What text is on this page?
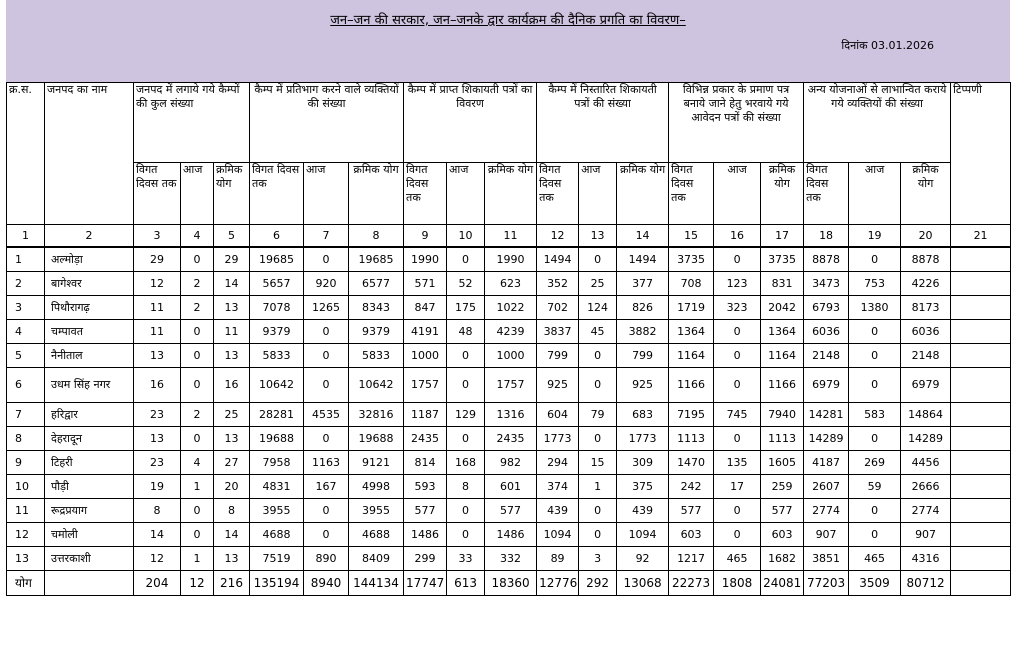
जन–जन की सरकार, जन–जनके द्वार कार्यक्रम की दैनिक प्रगति का विवरण–
दिनांक 03.01.2026
क्र.स.	जनपद का नाम	जनपद में लगाये गये कैम्पों की कुल संख्या			कैम्प में प्रतिभाग करने वाले व्यक्तियों की संख्या			कैम्प में प्राप्त शिकायती पत्रों का विवरण			कैम्प में निस्तारित शिकायती पत्रों की संख्या			विभिन्न प्रकार के प्रमाण पत्र बनाये जाने हेतु भरवाये गये आवेदन पत्रों की संख्या			अन्य योजनाओं से लाभान्वित कराये गये व्यक्तियों की संख्या			टिप्पणी
		विगत दिवस तक	आज	क्रमिक योग	विगत दिवस तक	आज	क्रमिक योग	विगत दिवस तक	आज	क्रमिक योग	विगत दिवस तक	आज	क्रमिक योग	विगत दिवस तक	आज	क्रमिक योग	विगत दिवस तक	आज	क्रमिक योग	
1	2	3	4	5	6	7	8	9	10	11	12	13	14	15	16	17	18	19	20	21
1	अल्मोड़ा	29	0	29	19685	0	19685	1990	0	1990	1494	0	1494	3735	0	3735	8878	0	8878	
2	बागेश्वर	12	2	14	5657	920	6577	571	52	623	352	25	377	708	123	831	3473	753	4226	
3	पिथौरागढ़	11	2	13	7078	1265	8343	847	175	1022	702	124	826	1719	323	2042	6793	1380	8173	
4	चम्पावत	11	0	11	9379	0	9379	4191	48	4239	3837	45	3882	1364	0	1364	6036	0	6036	
5	नैनीताल	13	0	13	5833	0	5833	1000	0	1000	799	0	799	1164	0	1164	2148	0	2148	
6	उधम सिंह नगर	16	0	16	10642	0	10642	1757	0	1757	925	0	925	1166	0	1166	6979	0	6979	
7	हरिद्वार	23	2	25	28281	4535	32816	1187	129	1316	604	79	683	7195	745	7940	14281	583	14864	
8	देहरादून	13	0	13	19688	0	19688	2435	0	2435	1773	0	1773	1113	0	1113	14289	0	14289	
9	टिहरी	23	4	27	7958	1163	9121	814	168	982	294	15	309	1470	135	1605	4187	269	4456	
10	पौड़ी	19	1	20	4831	167	4998	593	8	601	374	1	375	242	17	259	2607	59	2666	
11	रूद्रप्रयाग	8	0	8	3955	0	3955	577	0	577	439	0	439	577	0	577	2774	0	2774	
12	चमोली	14	0	14	4688	0	4688	1486	0	1486	1094	0	1094	603	0	603	907	0	907	
13	उत्तरकाशी	12	1	13	7519	890	8409	299	33	332	89	3	92	1217	465	1682	3851	465	4316	
योग		204	12	216	135194	8940	144134	17747	613	18360	12776	292	13068	22273	1808	24081	77203	3509	80712	
